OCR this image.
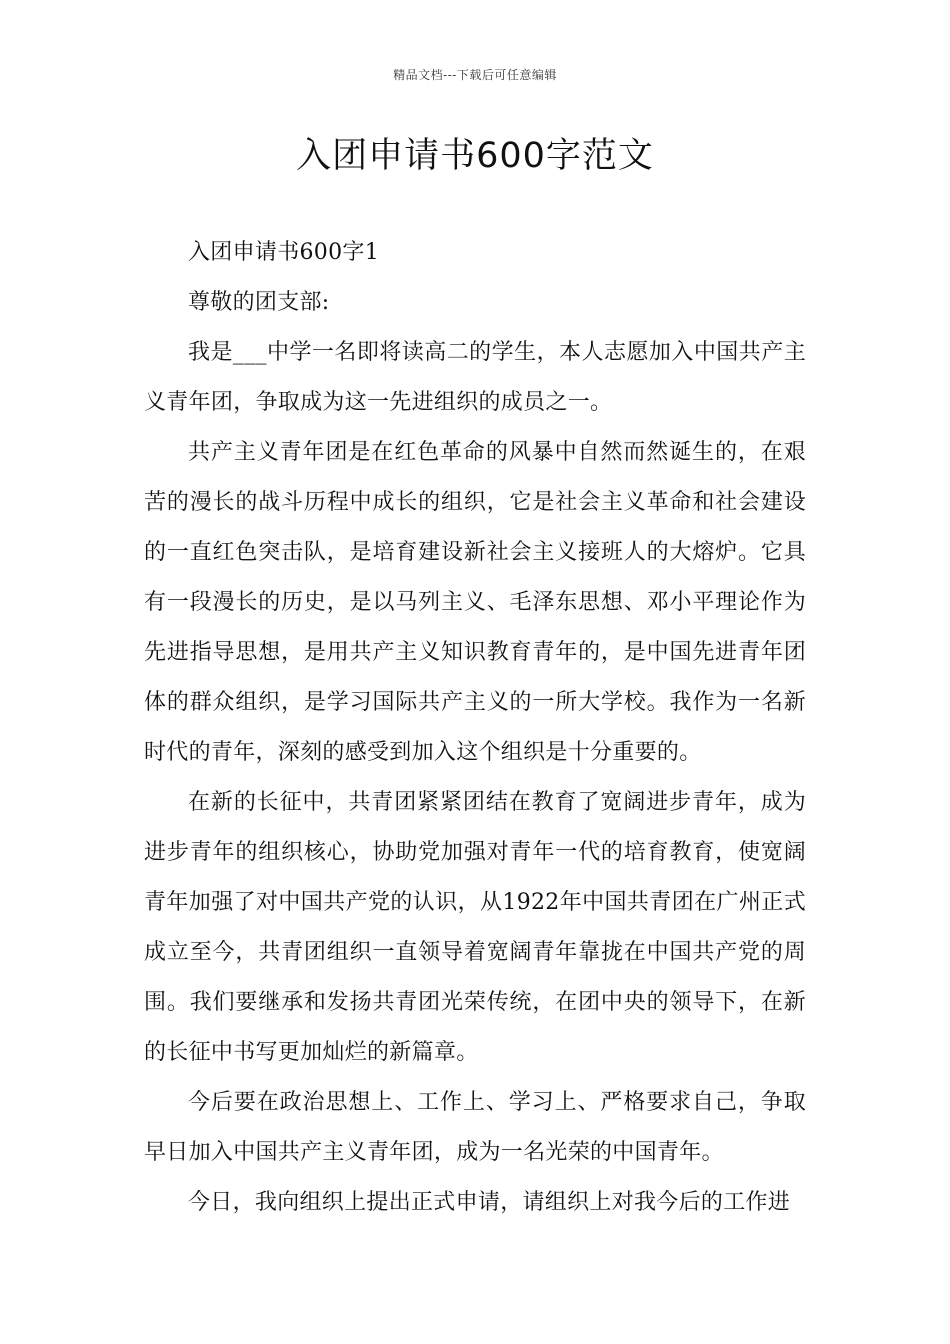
精品文档---下载后可任意编辑
入团申请书600字范文

入团申请书600字1

尊敬的团支部:

我是___中学一名即将读高二的学生，本人志愿加入中国共产主义青年团，争取成为这一先进组织的成员之一。

共产主义青年团是在红色革命的风暴中自然而然诞生的，在艰苦的漫长的战斗历程中成长的组织，它是社会主义革命和社会建设的一直红色突击队，是培育建设新社会主义接班人的大熔炉。它具有一段漫长的历史，是以马列主义、毛泽东思想、邓小平理论作为先进指导思想，是用共产主义知识教育青年的，是中国先进青年团体的群众组织，是学习国际共产主义的一所大学校。我作为一名新时代的青年，深刻的感受到加入这个组织是十分重要的。

在新的长征中，共青团紧紧团结在教育了宽阔进步青年，成为进步青年的组织核心，协助党加强对青年一代的培育教育，使宽阔青年加强了对中国共产党的认识，从1922年中国共青团在广州正式成立至今，共青团组织一直领导着宽阔青年靠拢在中国共产党的周围。我们要继承和发扬共青团光荣传统，在团中央的领导下，在新的长征中书写更加灿烂的新篇章。

今后要在政治思想上、工作上、学习上、严格要求自己，争取早日加入中国共产主义青年团，成为一名光荣的中国青年。

今日，我向组织上提出正式申请，请组织上对我今后的工作进
